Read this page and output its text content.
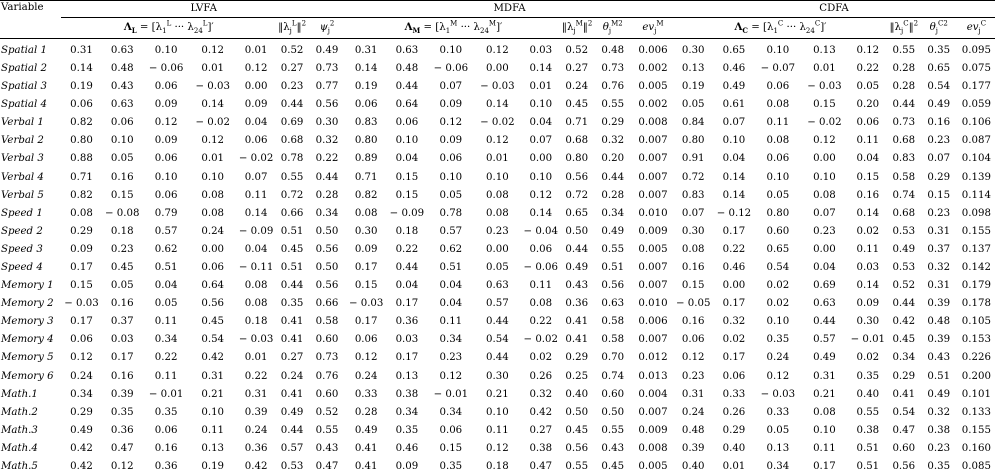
Variable	LVFA							MDFA								CDFA							
	$\Lambda_L = [\lambda_1^L$ ··· $\lambda_{24}^L]'$					$‖\lambda_j^L‖^2$	$\psi_j^2$	$\Lambda_M = [\lambda_1^M$ ··· $\lambda_{24}^M]'$					$‖\lambda_j^M‖^2$	$\theta_j^{M2}$	$ev_j^M$	$\Lambda_C = [\lambda_1^C$ ··· $\lambda_{24}^C]'$					$‖\lambda_j^C‖^2$	$\theta_j^{C2}$	$ev_j^C$
Spatial 1	0.31	0.63	0.10	0.12	0.01	0.52	0.49	0.31	0.63	0.10	0.12	0.03	0.52	0.48	0.006	0.30	0.65	0.10	0.13	0.12	0.55	0.35	0.095
Spatial 2	0.14	0.48	− 0.06	0.01	0.12	0.27	0.73	0.14	0.48	− 0.06	0.00	0.14	0.27	0.73	0.002	0.13	0.46	− 0.07	0.01	0.22	0.28	0.65	0.075
Spatial 3	0.19	0.43	0.06	− 0.03	0.00	0.23	0.77	0.19	0.44	0.07	− 0.03	0.01	0.24	0.76	0.005	0.19	0.49	0.06	− 0.03	0.05	0.28	0.54	0.177
Spatial 4	0.06	0.63	0.09	0.14	0.09	0.44	0.56	0.06	0.64	0.09	0.14	0.10	0.45	0.55	0.002	0.05	0.61	0.08	0.15	0.20	0.44	0.49	0.059
Verbal 1	0.82	0.06	0.12	− 0.02	0.04	0.69	0.30	0.83	0.06	0.12	− 0.02	0.04	0.71	0.29	0.008	0.84	0.07	0.11	− 0.02	0.06	0.73	0.16	0.106
Verbal 2	0.80	0.10	0.09	0.12	0.06	0.68	0.32	0.80	0.10	0.09	0.12	0.07	0.68	0.32	0.007	0.80	0.10	0.08	0.12	0.11	0.68	0.23	0.087
Verbal 3	0.88	0.05	0.06	0.01	− 0.02	0.78	0.22	0.89	0.04	0.06	0.01	0.00	0.80	0.20	0.007	0.91	0.04	0.06	0.00	0.04	0.83	0.07	0.104
Verbal 4	0.71	0.16	0.10	0.10	0.07	0.55	0.44	0.71	0.15	0.10	0.10	0.10	0.56	0.44	0.007	0.72	0.14	0.10	0.10	0.15	0.58	0.29	0.139
Verbal 5	0.82	0.15	0.06	0.08	0.11	0.72	0.28	0.82	0.15	0.05	0.08	0.12	0.72	0.28	0.007	0.83	0.14	0.05	0.08	0.16	0.74	0.15	0.114
Speed 1	0.08	− 0.08	0.79	0.08	0.14	0.66	0.34	0.08	− 0.09	0.78	0.08	0.14	0.65	0.34	0.010	0.07	− 0.12	0.80	0.07	0.14	0.68	0.23	0.098
Speed 2	0.29	0.18	0.57	0.24	− 0.09	0.51	0.50	0.30	0.18	0.57	0.23	− 0.04	0.50	0.49	0.009	0.30	0.17	0.60	0.23	0.02	0.53	0.31	0.155
Speed 3	0.09	0.23	0.62	0.00	0.04	0.45	0.56	0.09	0.22	0.62	0.00	0.06	0.44	0.55	0.005	0.08	0.22	0.65	0.00	0.11	0.49	0.37	0.137
Speed 4	0.17	0.45	0.51	0.06	− 0.11	0.51	0.50	0.17	0.44	0.51	0.05	− 0.06	0.49	0.51	0.007	0.16	0.46	0.54	0.04	0.03	0.53	0.32	0.142
Memory 1	0.15	0.05	0.04	0.64	0.08	0.44	0.56	0.15	0.04	0.04	0.63	0.11	0.43	0.56	0.007	0.15	0.00	0.02	0.69	0.14	0.52	0.31	0.179
Memory 2	− 0.03	0.16	0.05	0.56	0.08	0.35	0.66	− 0.03	0.17	0.04	0.57	0.08	0.36	0.63	0.010	− 0.05	0.17	0.02	0.63	0.09	0.44	0.39	0.178
Memory 3	0.17	0.37	0.11	0.45	0.18	0.41	0.58	0.17	0.36	0.11	0.44	0.22	0.41	0.58	0.006	0.16	0.32	0.10	0.44	0.30	0.42	0.48	0.105
Memory 4	0.06	0.03	0.34	0.54	− 0.03	0.41	0.60	0.06	0.03	0.34	0.54	− 0.02	0.41	0.58	0.007	0.06	0.02	0.35	0.57	− 0.01	0.45	0.39	0.153
Memory 5	0.12	0.17	0.22	0.42	0.01	0.27	0.73	0.12	0.17	0.23	0.44	0.02	0.29	0.70	0.012	0.12	0.17	0.24	0.49	0.02	0.34	0.43	0.226
Memory 6	0.24	0.16	0.11	0.31	0.22	0.24	0.76	0.24	0.13	0.12	0.30	0.26	0.25	0.74	0.013	0.23	0.06	0.12	0.31	0.35	0.29	0.51	0.200
Math.1	0.34	0.39	− 0.01	0.21	0.31	0.41	0.60	0.33	0.38	− 0.01	0.21	0.32	0.40	0.60	0.004	0.31	0.33	− 0.03	0.21	0.40	0.41	0.49	0.101
Math.2	0.29	0.35	0.35	0.10	0.39	0.49	0.52	0.28	0.34	0.34	0.10	0.42	0.50	0.50	0.007	0.24	0.26	0.33	0.08	0.55	0.54	0.32	0.133
Math.3	0.49	0.36	0.06	0.11	0.24	0.44	0.55	0.49	0.35	0.06	0.11	0.27	0.45	0.55	0.009	0.48	0.29	0.05	0.10	0.38	0.47	0.38	0.155
Math.4	0.42	0.47	0.16	0.13	0.36	0.57	0.43	0.41	0.46	0.15	0.12	0.38	0.56	0.43	0.008	0.39	0.40	0.13	0.11	0.51	0.60	0.23	0.160
Math.5	0.42	0.12	0.36	0.19	0.42	0.53	0.47	0.41	0.09	0.35	0.18	0.47	0.55	0.45	0.005	0.40	0.01	0.34	0.17	0.51	0.56	0.35	0.085
